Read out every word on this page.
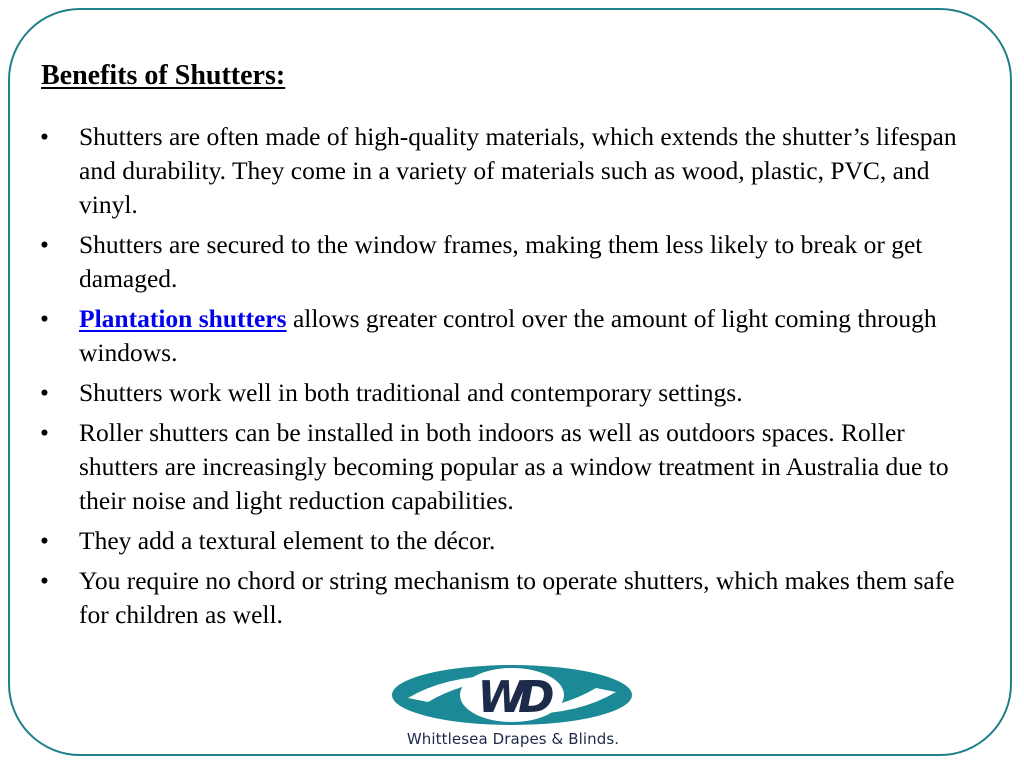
Benefits of Shutters:
•	Shutters are often made of high-quality materials, which extends the shutter’s lifespan and durability. They come in a variety of materials such as wood, plastic, PVC, and vinyl.
•	Shutters are secured to the window frames, making them less likely to break or get damaged.
•	Plantation shutters allows greater control over the amount of light coming through windows.
•	Shutters work well in both traditional and contemporary settings.
•	Roller shutters can be installed in both indoors as well as outdoors spaces. Roller shutters are increasingly becoming popular as a window treatment in Australia due to their noise and light reduction capabilities.
•	They add a textural element to the décor.
•	You require no chord or string mechanism to operate shutters, which makes them safe for children as well.
WD
Whittlesea Drapes & Blinds.
